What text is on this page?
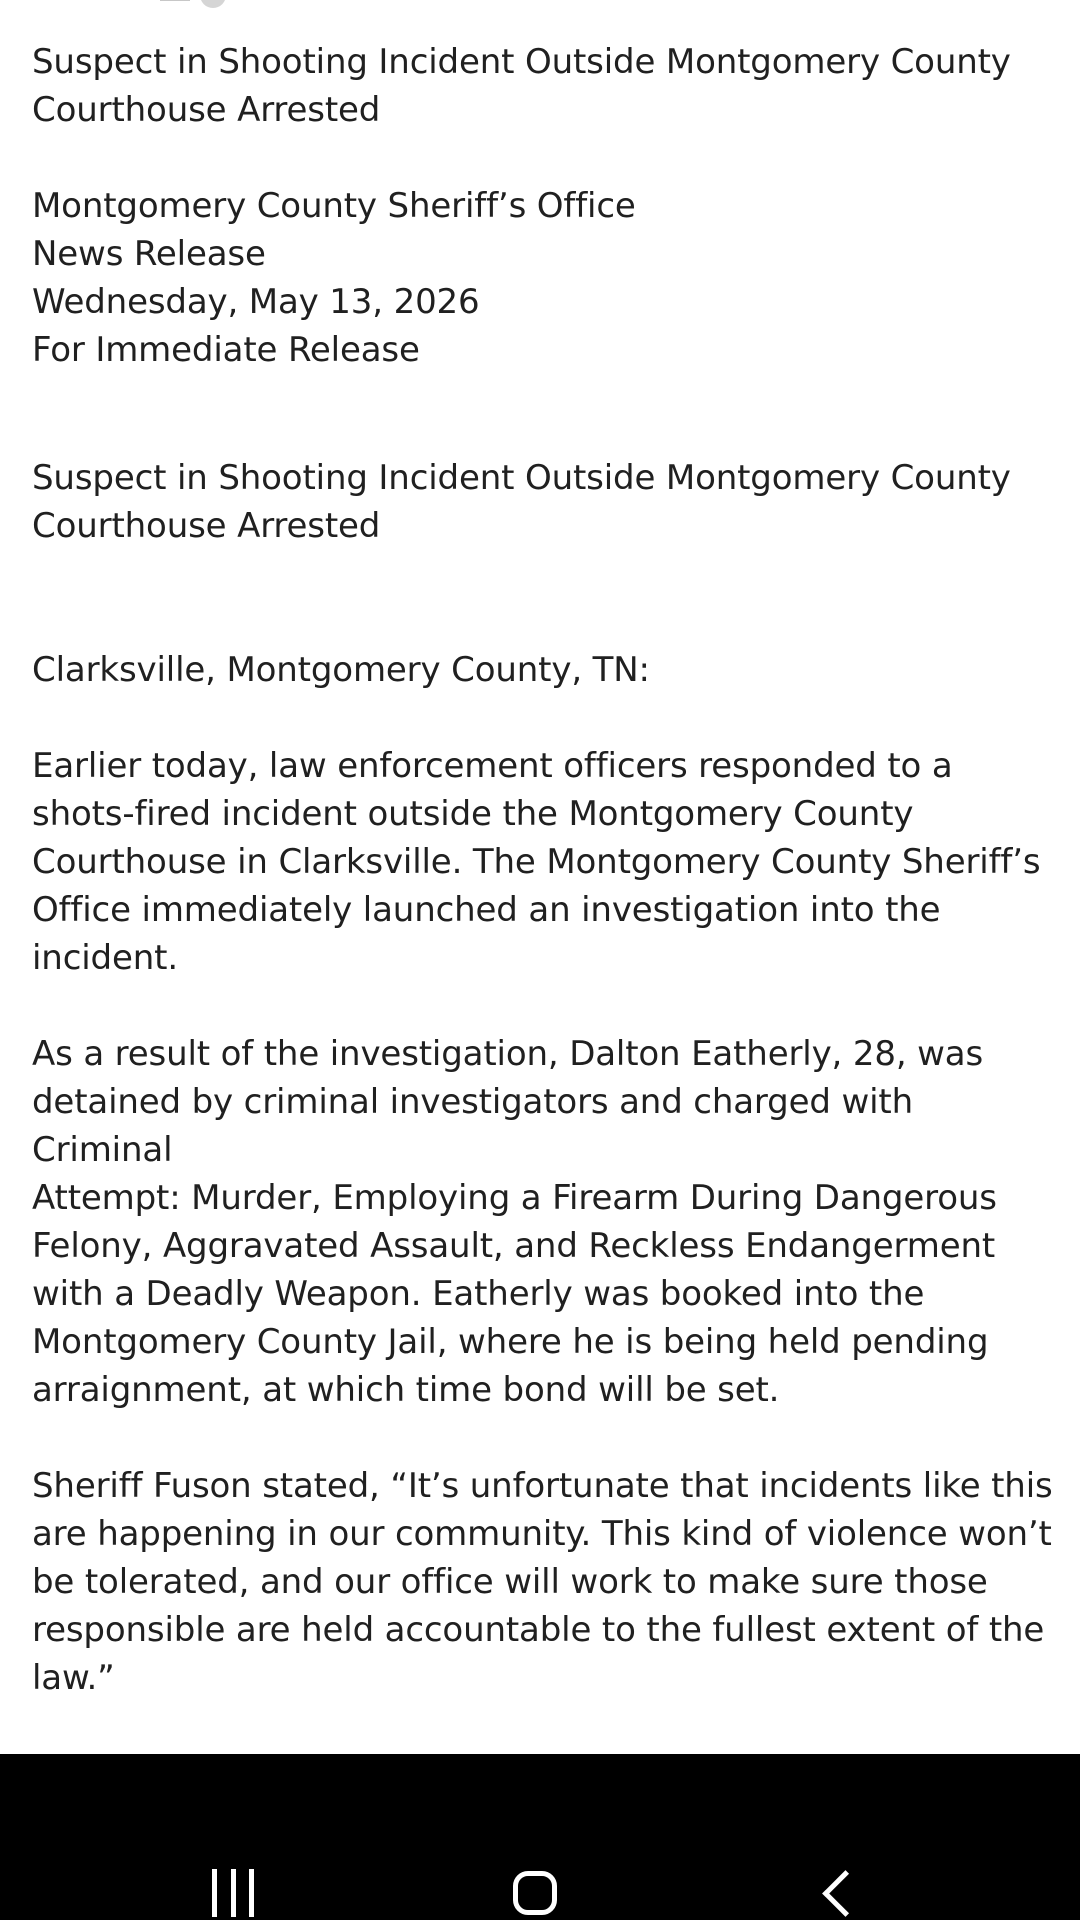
Suspect in Shooting Incident Outside Montgomery County

Courthouse Arrested

Montgomery County Sheriff’s Office

News Release

Wednesday, May 13, 2026

For Immediate Release

Suspect in Shooting Incident Outside Montgomery County

Courthouse Arrested

Clarksville, Montgomery County, TN:

Earlier today, law enforcement officers responded to a

shots-fired incident outside the Montgomery County

Courthouse in Clarksville. The Montgomery County Sheriff’s

Office immediately launched an investigation into the

incident.

As a result of the investigation, Dalton Eatherly, 28, was

detained by criminal investigators and charged with Criminal

Attempt: Murder, Employing a Firearm During Dangerous

Felony, Aggravated Assault, and Reckless Endangerment

with a Deadly Weapon. Eatherly was booked into the

Montgomery County Jail, where he is being held pending

arraignment, at which time bond will be set.

Sheriff Fuson stated, “It’s unfortunate that incidents like this

are happening in our community. This kind of violence won’t

be tolerated, and our office will work to make sure those

responsible are held accountable to the fullest extent of the

law.”
